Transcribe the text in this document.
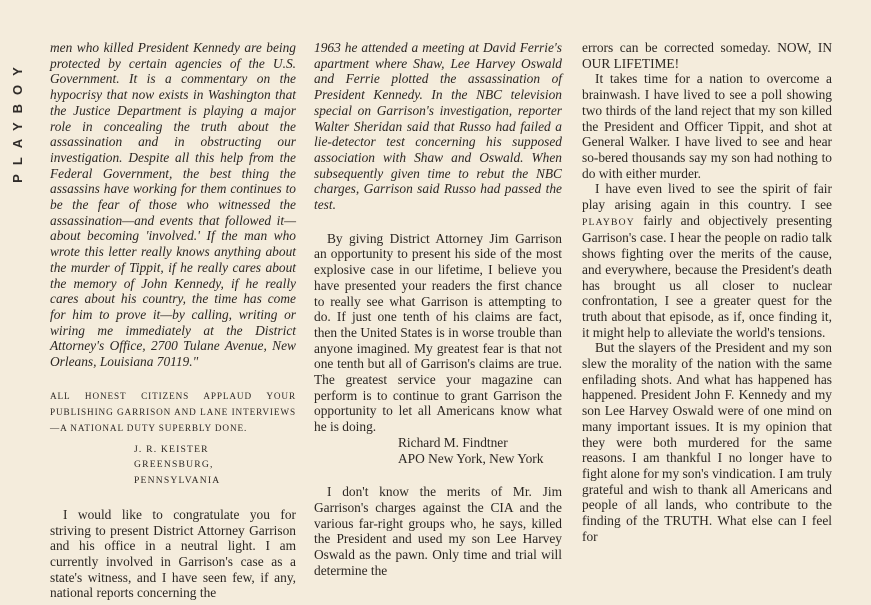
PLAYBOY

men who killed President Kennedy are being protected by certain agencies of the U.S. Government. It is a commentary on the hypocrisy that now exists in Washington that the Justice Department is playing a major role in concealing the truth about the assassination and in obstructing our investigation. Despite all this help from the Federal Government, the best thing the assassins have working for them continues to be the fear of those who witnessed the assassination—and events that followed it—about becoming 'involved.' If the man who wrote this letter really knows anything about the murder of Tippit, if he really cares about the memory of John Kennedy, if he really cares about his country, the time has come for him to prove it—by calling, writing or wiring me immediately at the District Attorney's Office, 2700 Tulane Avenue, New Orleans, Louisiana 70119."

ALL HONEST CITIZENS APPLAUD YOUR PUBLISHING GARRISON AND LANE INTERVIEWS—A NATIONAL DUTY SUPERBLY DONE.

J. R. KEISTER
GREENSBURG, PENNSYLVANIA

I would like to congratulate you for striving to present District Attorney Garrison and his office in a neutral light. I am currently involved in Garrison's case as a state's witness, and I have seen few, if any, national reports concerning the

1963 he attended a meeting at David Ferrie's apartment where Shaw, Lee Harvey Oswald and Ferrie plotted the assassination of President Kennedy. In the NBC television special on Garrison's investigation, reporter Walter Sheridan said that Russo had failed a lie-detector test concerning his supposed association with Shaw and Oswald. When subsequently given time to rebut the NBC charges, Garrison said Russo had passed the test.

By giving District Attorney Jim Garrison an opportunity to present his side of the most explosive case in our lifetime, I believe you have presented your readers the first chance to really see what Garrison is attempting to do. If just one tenth of his claims are fact, then the United States is in worse trouble than anyone imagined. My greatest fear is that not one tenth but all of Garrison's claims are true. The greatest service your magazine can perform is to continue to grant Garrison the opportunity to let all Americans know what he is doing.

Richard M. Findtner
APO New York, New York

I don't know the merits of Mr. Jim Garrison's charges against the CIA and the various far-right groups who, he says, killed the President and used my son Lee Harvey Oswald as the pawn. Only time and trial will determine the

errors can be corrected someday. NOW, IN OUR LIFETIME!

It takes time for a nation to overcome a brainwash. I have lived to see a poll showing two thirds of the land reject that my son killed the President and Officer Tippit, and shot at General Walker. I have lived to see and hear so-bered thousands say my son had nothing to do with either murder.

I have even lived to see the spirit of fair play arising again in this country. I see PLAYBOY fairly and objectively presenting Garrison's case. I hear the people on radio talk shows fighting over the merits of the cause, and everywhere, because the President's death has brought us all closer to nuclear confrontation, I see a greater quest for the truth about that episode, as if, once finding it, it might help to alleviate the world's tensions.

But the slayers of the President and my son slew the morality of the nation with the same enfilading shots. And what has happened has happened. President John F. Kennedy and my son Lee Harvey Oswald were of one mind on many important issues. It is my opinion that they were both murdered for the same reasons. I am thankful I no longer have to fight alone for my son's vindication. I am truly grateful and wish to thank all Americans and people of all lands, who contribute to the finding of the TRUTH. What else can I feel for
